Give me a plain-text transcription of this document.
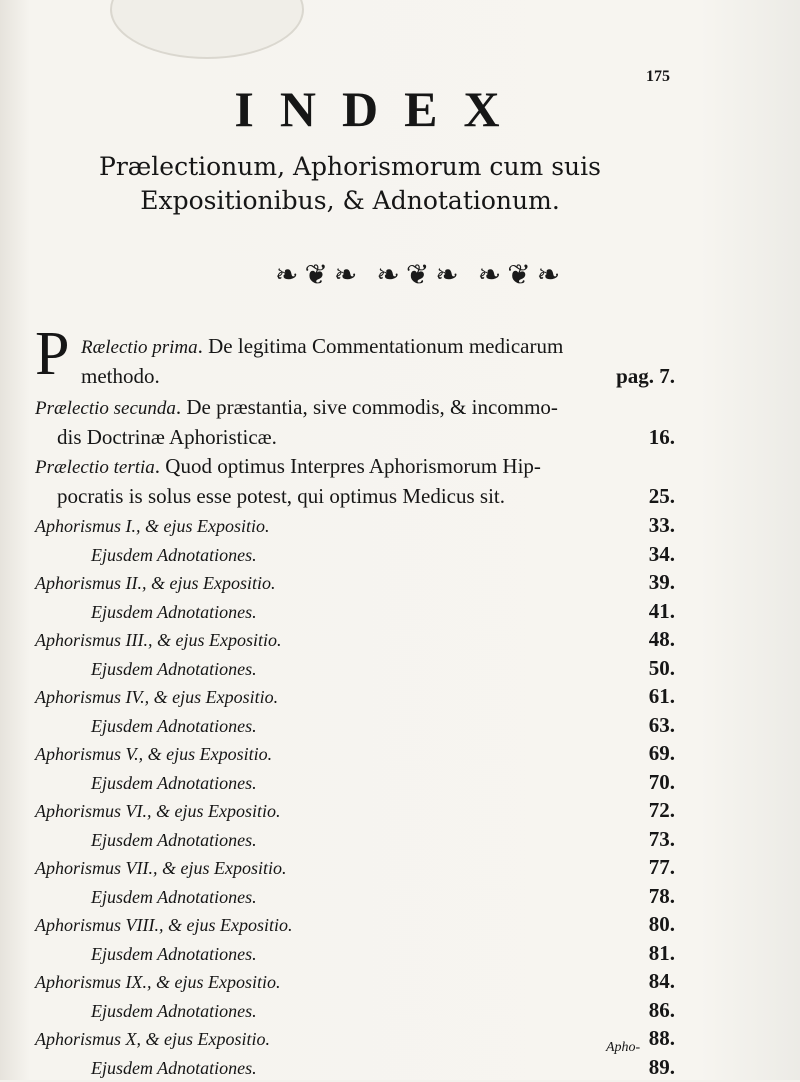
175
INDEX
Prælectionum, Aphorismorum cum suis Expositionibus, & Adnotationum.
❧❦❧ ❧❦❧ ❧❦❧
P Rælectio prima. De legitima Commentationum medicarum
methodo.	pag. 7.
Prælectio secunda. De præstantia, sive commodis, & incommo-
dis Doctrinæ Aphoristicæ.	16.
Prælectio tertia. Quod optimus Interpres Aphorismorum Hip-
pocratis is solus esse potest, qui optimus Medicus sit.	25.
Aphorismus I., & ejus Expositio.	33.
Ejusdem Adnotationes.	34.
Aphorismus II., & ejus Expositio.	39.
Ejusdem Adnotationes.	41.
Aphorismus III., & ejus Expositio.	48.
Ejusdem Adnotationes.	50.
Aphorismus IV., & ejus Expositio.	61.
Ejusdem Adnotationes.	63.
Aphorismus V., & ejus Expositio.	69.
Ejusdem Adnotationes.	70.
Aphorismus VI., & ejus Expositio.	72.
Ejusdem Adnotationes.	73.
Aphorismus VII., & ejus Expositio.	77.
Ejusdem Adnotationes.	78.
Aphorismus VIII., & ejus Expositio.	80.
Ejusdem Adnotationes.	81.
Aphorismus IX., & ejus Expositio.	84.
Ejusdem Adnotationes.	86.
Aphorismus X, & ejus Expositio.	88.
Ejusdem Adnotationes.	89.
Apho-
